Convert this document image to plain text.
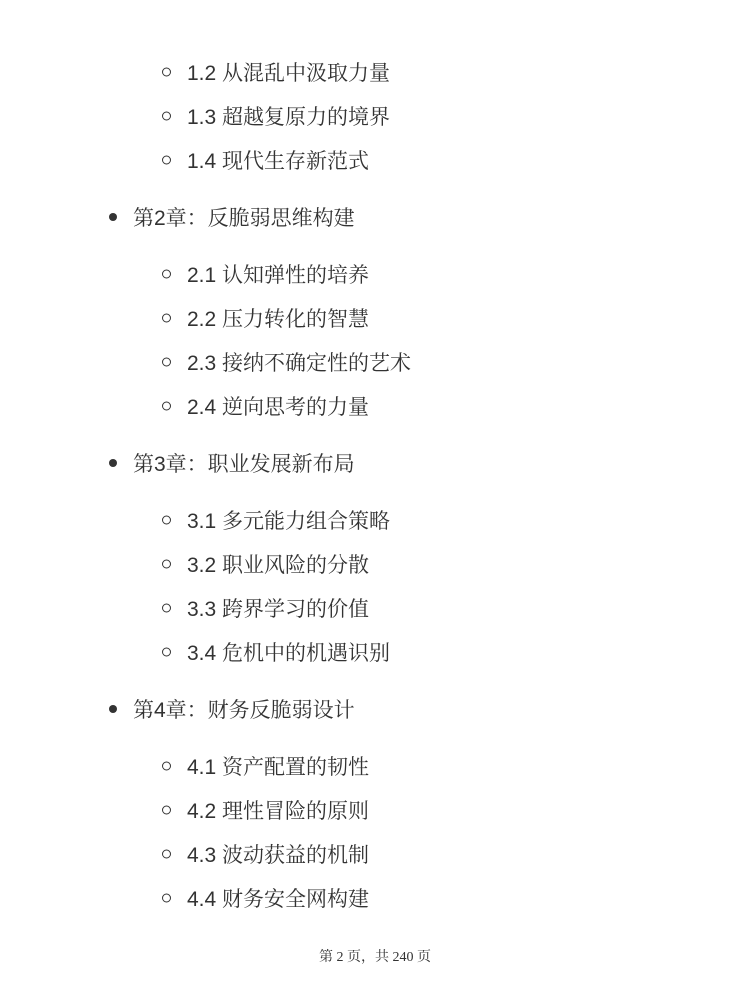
1.2 从混乱中汲取力量
1.3 超越复原力的境界
1.4 现代生存新范式
第2章：反脆弱思维构建
2.1 认知弹性的培养
2.2 压力转化的智慧
2.3 接纳不确定性的艺术
2.4 逆向思考的力量
第3章：职业发展新布局
3.1 多元能力组合策略
3.2 职业风险的分散
3.3 跨界学习的价值
3.4 危机中的机遇识别
第4章：财务反脆弱设计
4.1 资产配置的韧性
4.2 理性冒险的原则
4.3 波动获益的机制
4.4 财务安全网构建
第 2 页，共 240 页
